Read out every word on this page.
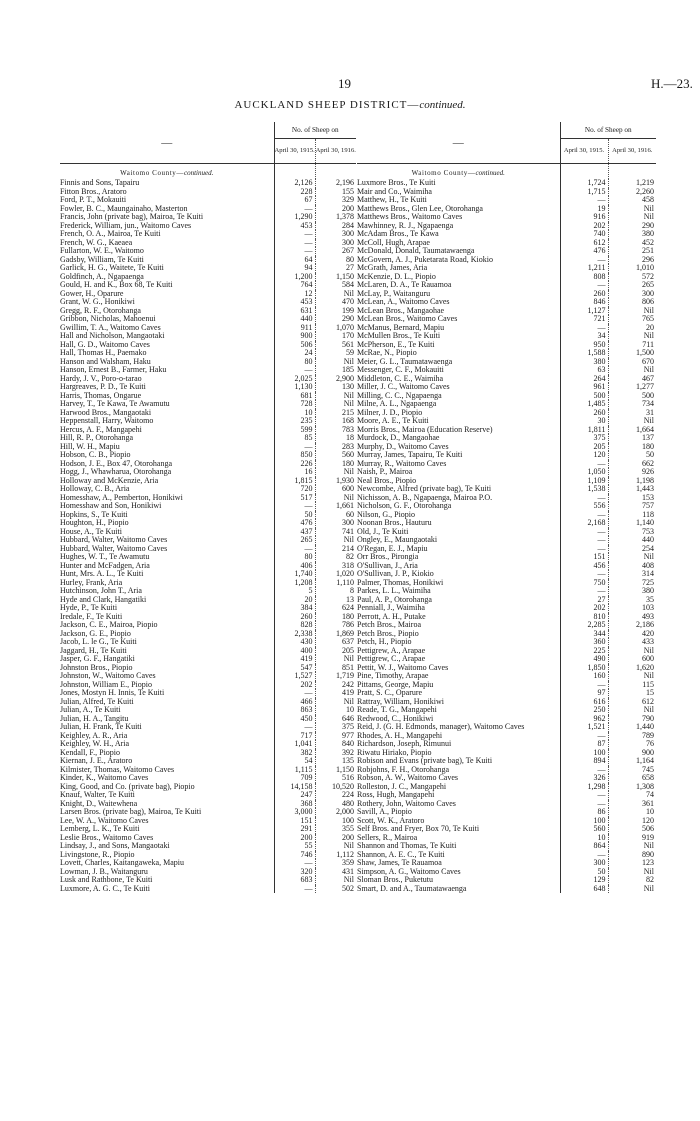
19	H.—23.
AUCKLAND SHEEP DISTRICT—continued.
—	No. of Sheep on	
	April 30, 1915.	April 30, 1916.
Waitomo County—continued.		
Finnis and Sons, Tapairu	2,126	2,196
Fitton Bros., Aratoro	228	155
Ford, P. T., Mokauiti	67	329
Fowler, B. C., Maungainaho, Masterton	—	200
Francis, John (private bag), Mairoa, Te Kuiti	1,290	1,378
Frederick, William, jun., Waitomo Caves	453	284
French, O. A., Mairoa, Te Kuiti	—	300
French, W. G., Kaeaea	—	300
Fullarton, W. E., Waitomo	—	267
Gadsby, William, Te Kuiti	64	80
Garlick, H. G., Waitete, Te Kuiti	94	27
Goldfinch, A., Ngapaenga	1,200	1,150
Gould, H. and K., Box 68, Te Kuiti	764	584
Gower, H., Oparure	12	Nil
Grant, W. G., Honikiwi	453	470
Gregg, R. F., Otorohanga	631	199
Gribbon, Nicholas, Mahoenui	440	290
Gwillim, T. A., Waitomo Caves	911	1,070
Hall and Nicholson, Mangaotaki	900	170
Hall, G. D., Waitomo Caves	506	561
Hall, Thomas H., Paemako	24	59
Hanson and Walsham, Haku	80	Nil
Hanson, Ernest B., Farmer, Haku	—	185
Hardy, J. V., Poro-o-tarao	2,025	2,900
Hargreaves, P. D., Te Kuiti	1,130	130
Harris, Thomas, Ongarue	681	Nil
Harvey, T., Te Kawa, Te Awamutu	728	Nil
Harwood Bros., Mangaotaki	10	215
Heppenstall, Harry, Waitomo	235	168
Hercus, A. F., Mangapehi	599	783
Hill, R. P., Otorohanga	85	18
Hill, W. H., Mapiu	—	283
Hobson, C. B., Piopio	850	560
Hodson, J. E., Box 47, Otorohanga	226	180
Hogg, J., Whawharua, Otorohanga	16	Nil
Holloway and McKenzie, Aria	1,815	1,930
Holloway, C. B., Aria	720	600
Homesshaw, A., Pemberton, Honikiwi	517	Nil
Homesshaw and Son, Honikiwi	—	1,661
Hopkins, S., Te Kuiti	50	60
Houghton, H., Piopio	476	300
House, A., Te Kuiti	437	741
Hubbard, Walter, Waitomo Caves	265	Nil
Hubbard, Walter, Waitomo Caves	—	214
Hughes, W. T., Te Awamutu	80	82
Hunter and McFadgen, Aria	406	318
Hunt, Mrs. A. L., Te Kuiti	1,740	1,020
Hurley, Frank, Aria	1,208	1,110
Hutchinson, John T., Aria	5	8
Hyde and Clark, Hangatiki	20	13
Hyde, P., Te Kuiti	384	624
Iredale, F., Te Kuiti	260	180
Jackson, C. E., Mairoa, Piopio	828	786
Jackson, G. E., Piopio	2,338	1,869
Jacob, L. le G., Te Kuiti	430	637
Jaggard, H., Te Kuiti	400	205
Jasper, G. F., Hangatiki	419	Nil
Johnston Bros., Piopio	547	851
Johnston, W., Waitomo Caves	1,527	1,719
Johnston, William E., Piopio	202	242
Jones, Mostyn H. Innis, Te Kuiti	—	419
Julian, Alfred, Te Kuiti	466	Nil
Julian, A., Te Kuiti	863	10
Julian, H. A., Tangitu	450	646
Julian, H. Frank, Te Kuiti	—	375
Keighley, A. R., Aria	717	977
Keighley, W. H., Aria	1,041	840
Kendall, F., Piopio	382	392
Kiernan, J. E., Aratoro	54	135
Kilmister, Thomas, Waitomo Caves	1,115	1,150
Kinder, K., Waitomo Caves	709	516
King, Good, and Co. (private bag), Piopio	14,158	10,520
Knauf, Walter, Te Kuiti	247	224
Knight, D., Waitewhena	368	480
Larsen Bros. (private bag), Mairoa, Te Kuiti	3,000	2,000
Lee, W. A., Waitomo Caves	151	100
Lemberg, L. K., Te Kuiti	291	355
Leslie Bros., Waitomo Caves	200	200
Lindsay, J., and Sons, Mangaotaki	55	Nil
Livingstone, R., Piopio	746	1,112
Lovett, Charles, Kaitangaweka, Mapiu	—	359
Lowman, J. B., Waitanguru	320	431
Lusk and Rathbone, Te Kuiti	683	Nil
Luxmore, A. G. C., Te Kuiti	—	502
—	No. of Sheep on	
	April 30, 1915.	April 30, 1916.
Waitomo County—continued.		
Luxmore Bros., Te Kuiti	1,724	1,219
Mair and Co., Waimiha	1,715	2,260
Matthew, H., Te Kuiti	—	458
Matthews Bros., Glen Lee, Otorohanga	19	Nil
Matthews Bros., Waitomo Caves	916	Nil
Mawhinney, R. J., Ngapaenga	202	290
McAdam Bros., Te Kawa	740	380
McColl, Hugh, Arapae	612	452
McDonald, Donald, Taumatawaenga	476	251
McGovern, A. J., Puketarata Road, Kiokio	—	296
McGrath, James, Aria	1,211	1,010
McKenzie, D. L., Piopio	808	572
McLaren, D. A., Te Rauamoa	—	265
McLay, P., Waitanguru	260	300
McLean, A., Waitomo Caves	846	806
McLean Bros., Mangaohae	1,127	Nil
McLean Bros., Waitomo Caves	721	765
McManus, Bernard, Mapiu	—	20
McMullen Bros., Te Kuiti	34	Nil
McPherson, E., Te Kuiti	950	711
McRae, N., Piopio	1,588	1,500
Meier, G. L., Taumatawaenga	380	670
Messenger, C. F., Mokauiti	63	Nil
Middleton, C. E., Waimiha	264	467
Miller, J. C., Waitomo Caves	961	1,277
Milling, C. C., Ngapaenga	500	500
Milne, A. L., Ngapaenga	1,485	734
Milner, J. D., Piopio	260	31
Moore, A. E., Te Kuiti	30	Nil
Morris Bros., Mairoa (Education Reserve)	1,811	1,664
Murdock, D., Mangaohae	375	137
Murphy, D., Waitomo Caves	205	180
Murray, James, Tapairu, Te Kuiti	120	50
Murray, R., Waitomo Caves	—	662
Naish, P., Mairoa	1,050	926
Neal Bros., Piopio	1,109	1,198
Newcombe, Alfred (private bag), Te Kuiti	1,538	1,443
Nichisson, A. B., Ngapaenga, Mairoa P.O.	—	153
Nicholson, G. F., Otorohanga	556	757
Nilson, G., Piopio	—	118
Noonan Bros., Hauturu	2,168	1,140
Old, J., Te Kuiti	—	753
Ongley, E., Maungaotaki	—	440
O'Regan, E. J., Mapiu	—	254
Orr Bros., Pirongia	151	Nil
O'Sullivan, J., Aria	456	408
O'Sullivan, J. P., Kiokio	—	314
Palmer, Thomas, Honikiwi	750	725
Parkes, L. L., Waimiha	—	380
Paul, A. P., Otorohanga	27	35
Penniall, J., Waimiha	202	103
Perrott, A. H., Putake	810	493
Petch Bros., Mairoa	2,285	2,186
Petch Bros., Piopio	344	420
Petch, H., Piopio	360	433
Pettigrew, A., Arapae	225	Nil
Pettigrew, C., Arapae	490	600
Pettit, W. J., Waitomo Caves	1,850	1,620
Pine, Timothy, Arapae	160	Nil
Pittams, George, Mapiu	—	115
Pratt, S. C., Oparure	97	15
Rattray, William, Honikiwi	616	612
Reade, T. G., Mangapehi	250	Nil
Redwood, C., Honikiwi	962	790
Reid, J. (G. H. Edmonds, manager), Waitomo Caves	1,521	1,440
Rhodes, A. H., Mangapehi	—	789
Richardson, Joseph, Rimunui	87	76
Riwatu Hiriako, Piopio	100	900
Robison and Evans (private bag), Te Kuiti	894	1,164
Robjohns, F. H., Otorohanga	—	745
Robson, A. W., Waitomo Caves	326	658
Rolleston, J. C., Mangapehi	1,298	1,308
Ross, Hugh, Mangapehi	—	74
Rothery, John, Waitomo Caves	—	361
Savill, A., Piopio	86	10
Scott, W. K., Aratoro	100	120
Self Bros. and Fryer, Box 70, Te Kuiti	560	506
Sellers, R., Mairoa	10	919
Shannon and Thomas, Te Kuiti	864	Nil
Shannon, A. E. C., Te Kuiti	—	890
Shaw, James, Te Rauamoa	300	123
Simpson, A. G., Waitomo Caves	50	Nil
Sloman Bros., Puketutu	129	82
Smart, D. and A., Taumatawaenga	648	Nil
